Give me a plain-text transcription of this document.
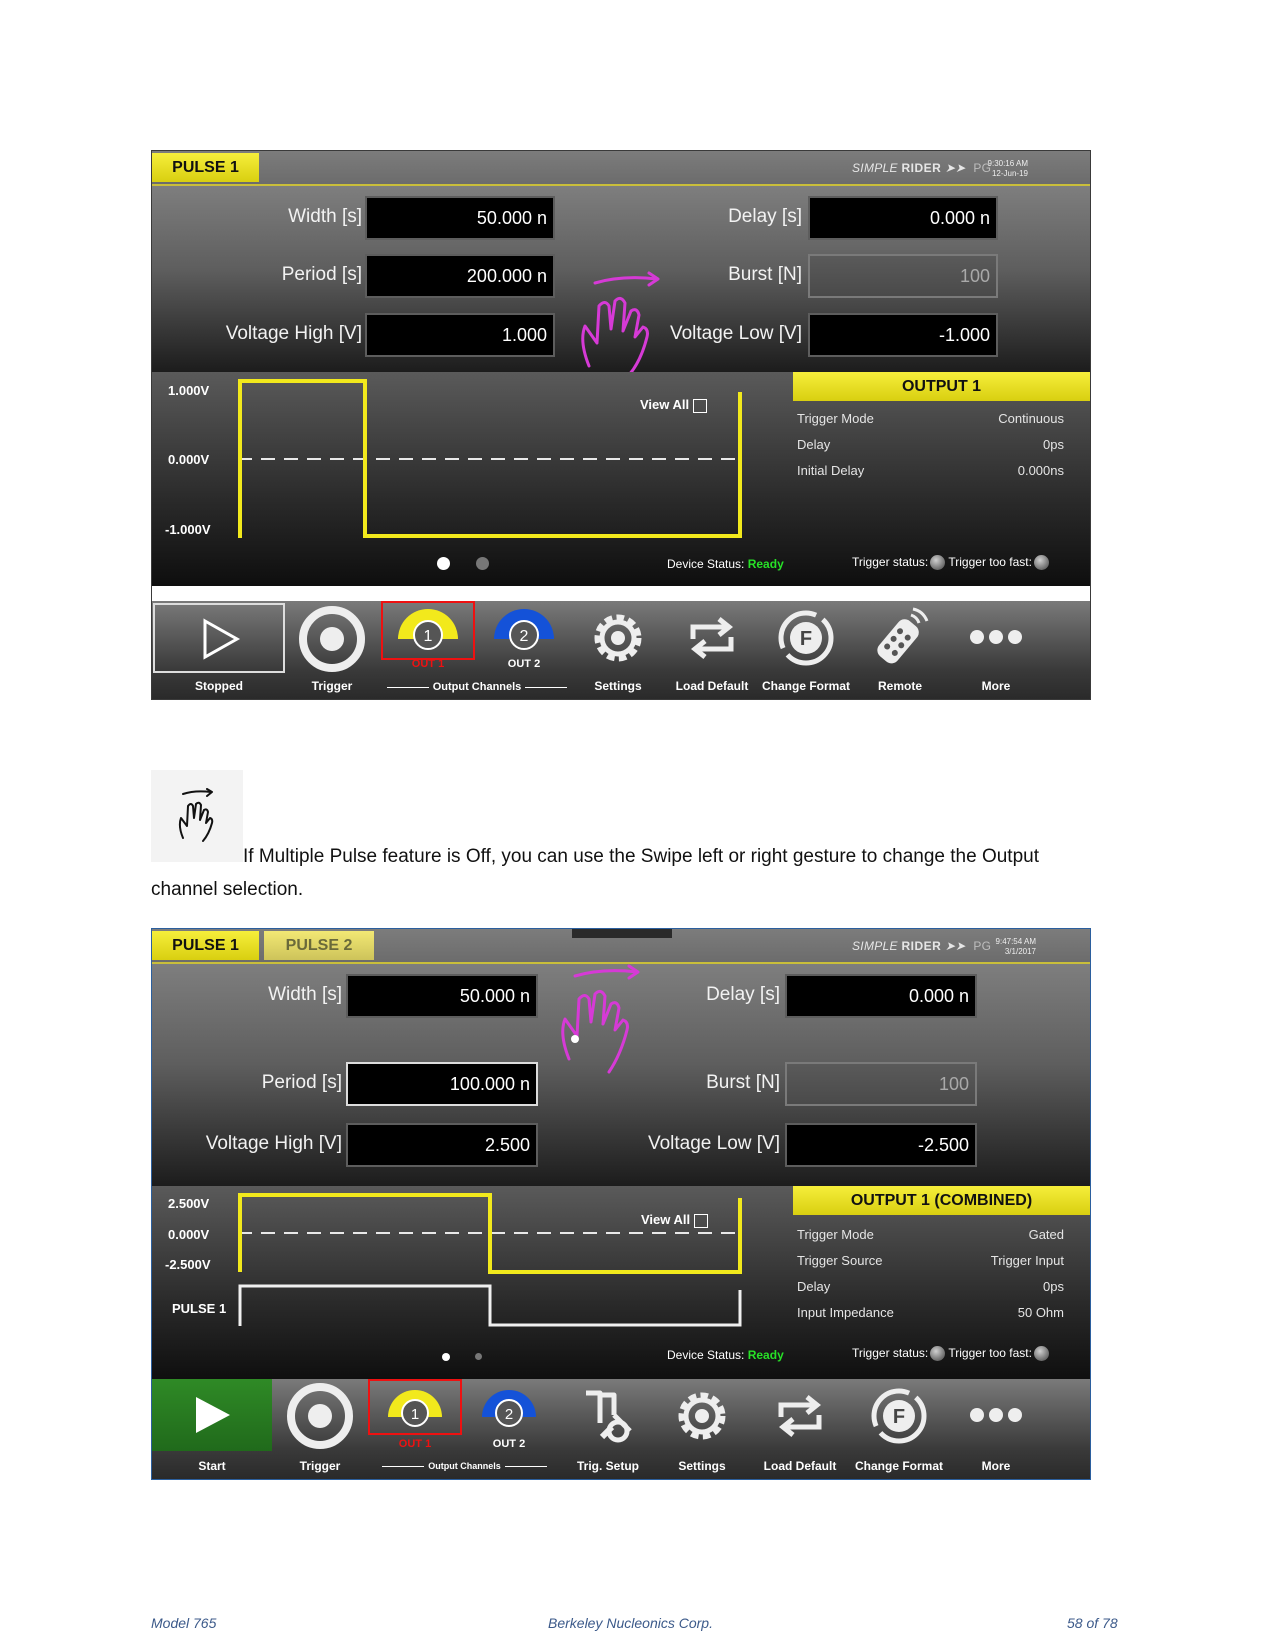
PULSE 1	SIMPLE RIDER ➤➤ PG
9:30:16 AM
12-Jun-19
Width [s]	50.000 n	Delay [s]	0.000 n
Period [s]	200.000 n	Burst [N]	100
Voltage High [V]	1.000	Voltage Low [V]	-1.000
1.000V
0.000V
-1.000V
View All
OUTPUT 1
Trigger Mode	Continuous
Delay	0ps
Initial Delay	0.000ns
Device Status: Ready	Trigger status: Trigger too fast:
Stopped	Trigger
1
OUT 1
2
OUT 2
Output Channels	Settings	Load Default
F
Change Format	Remote	More
If Multiple Pulse feature is Off, you can use the Swipe left or right gesture to change the Output channel selection.
PULSE 1	PULSE 2	SIMPLE RIDER ➤➤ PG 9:47:54 AM
3/1/2017
Width [s]	50.000 n	Delay [s]	0.000 n
Period [s]	100.000 n	Burst [N]	100
Voltage High [V]	2.500	Voltage Low [V]	-2.500
2.500V
0.000V
-2.500V
PULSE 1
View All
OUTPUT 1 (COMBINED)
Trigger Mode	Gated
Trigger Source	Trigger Input
Delay	0ps
Input Impedance	50 Ohm
Device Status: Ready	Trigger status: Trigger too fast:
Start	Trigger
1
OUT 1
2
OUT 2
Output Channels	Trig. Setup	Settings	Load Default
F
Change Format	More
Model 765	Berkeley Nucleonics Corp.	58 of 78
